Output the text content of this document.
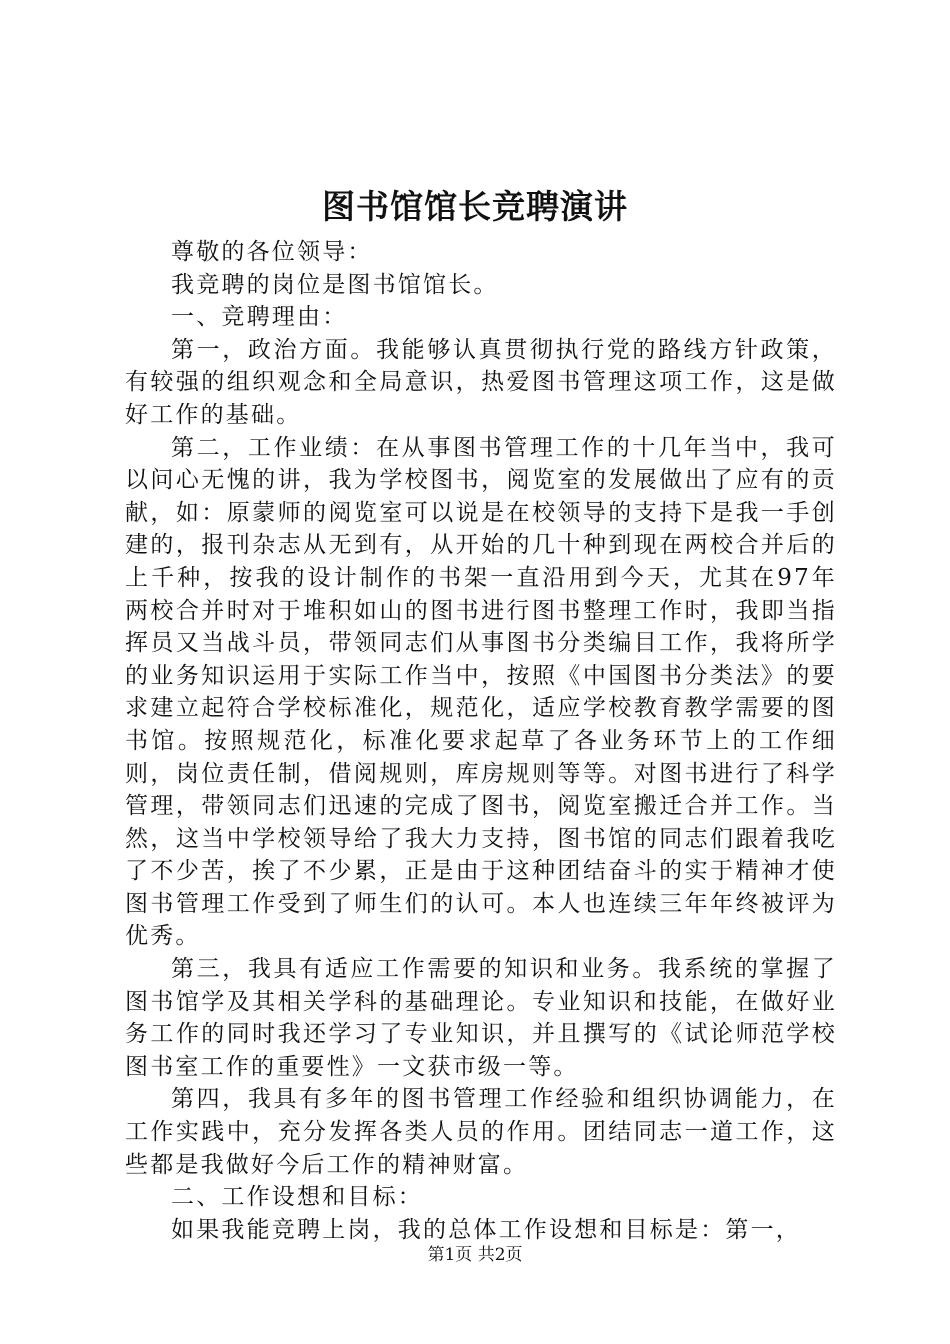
图书馆馆长竞聘演讲

尊敬的各位领导：

我竞聘的岗位是图书馆馆长。

一、竞聘理由：

第一，政治方面。我能够认真贯彻执行党的路线方针政策，有较强的组织观念和全局意识，热爱图书管理这项工作，这是做好工作的基础。

第二，工作业绩：在从事图书管理工作的十几年当中，我可以问心无愧的讲，我为学校图书，阅览室的发展做出了应有的贡献，如：原蒙师的阅览室可以说是在校领导的支持下是我一手创建的，报刊杂志从无到有，从开始的几十种到现在两校合并后的上千种，按我的设计制作的书架一直沿用到今天，尤其在97年两校合并时对于堆积如山的图书进行图书整理工作时，我即当指挥员又当战斗员，带领同志们从事图书分类编目工作，我将所学的业务知识运用于实际工作当中，按照《中国图书分类法》的要求建立起符合学校标准化，规范化，适应学校教育教学需要的图书馆。按照规范化，标准化要求起草了各业务环节上的工作细则，岗位责任制，借阅规则，库房规则等等。对图书进行了科学管理，带领同志们迅速的完成了图书，阅览室搬迁合并工作。当然，这当中学校领导给了我大力支持，图书馆的同志们跟着我吃了不少苦，挨了不少累，正是由于这种团结奋斗的实于精神才使图书管理工作受到了师生们的认可。本人也连续三年年终被评为优秀。

第三，我具有适应工作需要的知识和业务。我系统的掌握了图书馆学及其相关学科的基础理论。专业知识和技能，在做好业务工作的同时我还学习了专业知识，并且撰写的《试论师范学校图书室工作的重要性》一文获市级一等。

第四，我具有多年的图书管理工作经验和组织协调能力，在工作实践中，充分发挥各类人员的作用。团结同志一道工作，这些都是我做好今后工作的精神财富。

二、工作设想和目标：

如果我能竞聘上岗，我的总体工作设想和目标是：第一，

第1页 共2页
